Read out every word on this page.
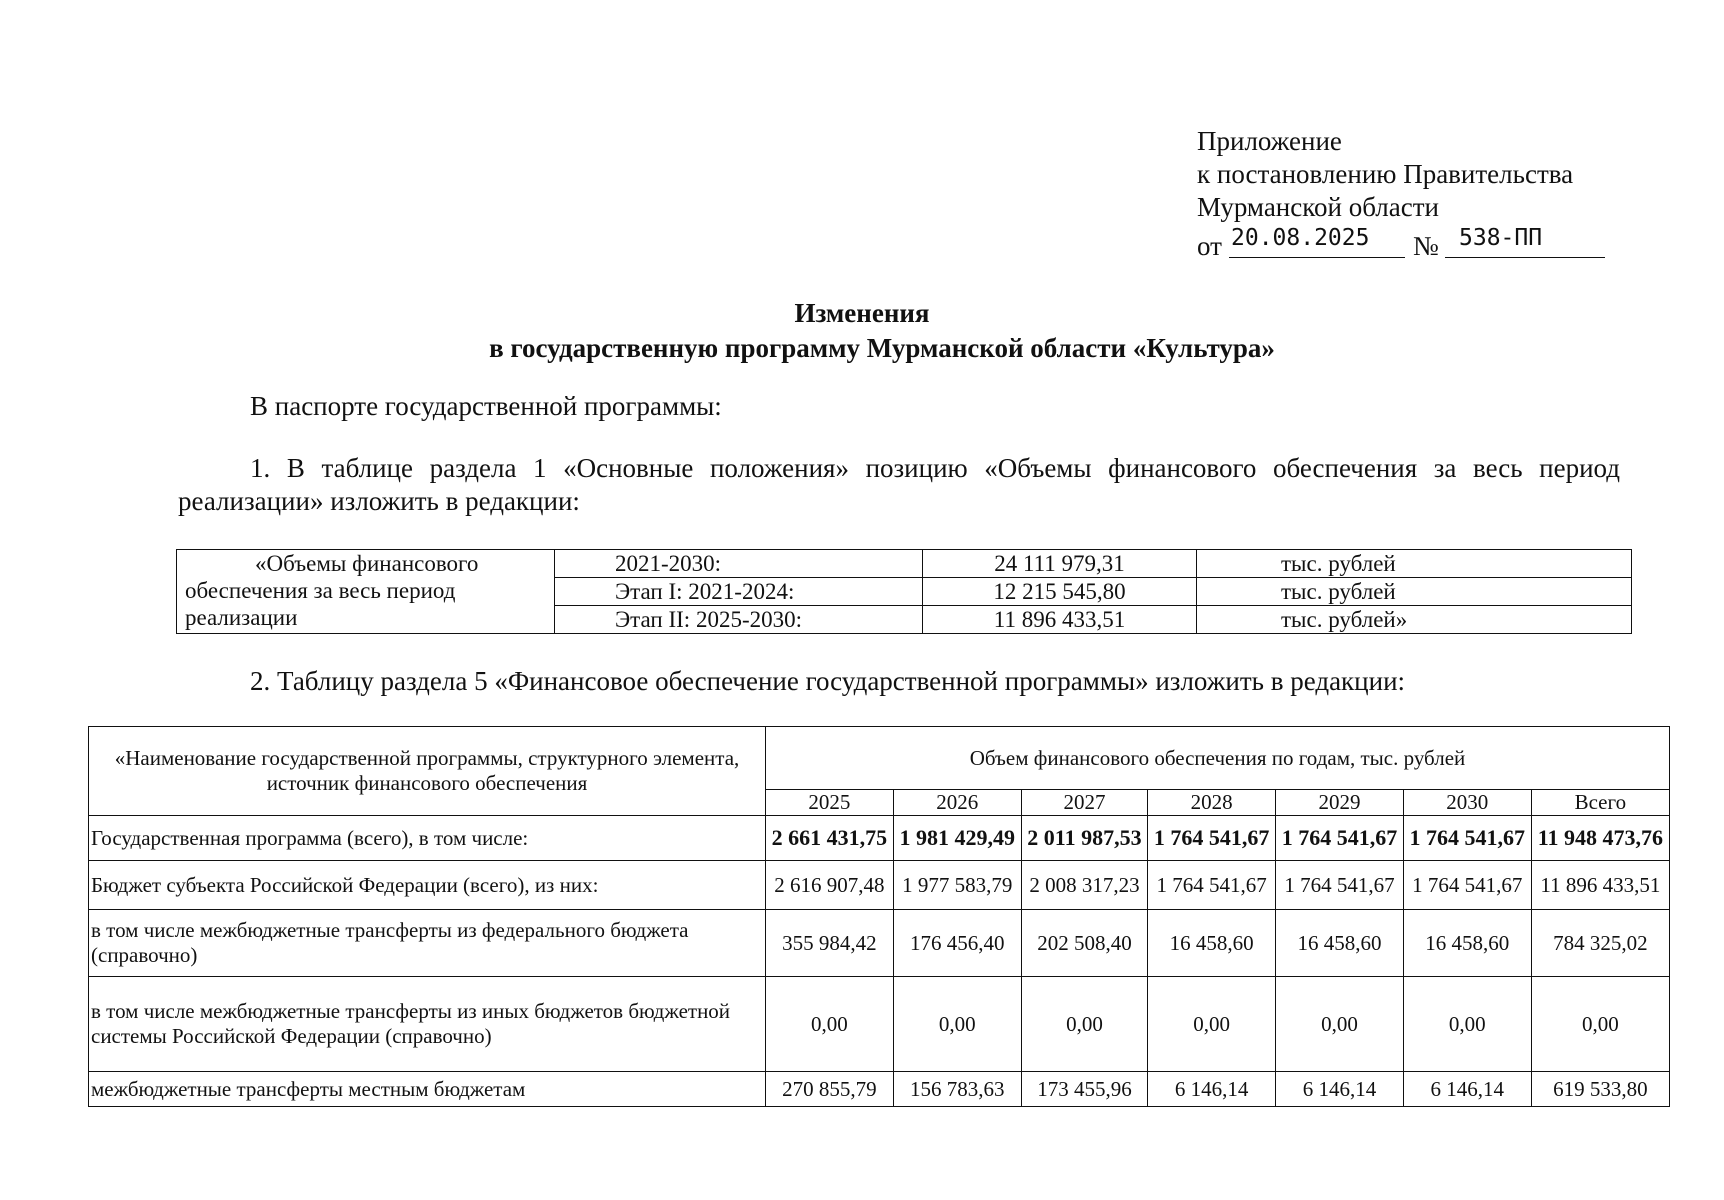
Приложение
к постановлению Правительства
Мурманской области
от 20.08.2025 № 538-ПП
Изменения
в государственную программу Мурманской области «Культура»
В паспорте государственной программы:
1. В таблице раздела 1 «Основные положения» позицию «Объемы финансового обеспечения за весь период реализации» изложить в редакции:
«Объемы финансового обеспечения за весь период реализации	2021-2030:	24 111 979,31	тыс. рублей
	Этап I: 2021-2024:	12 215 545,80	тыс. рублей
	Этап II: 2025-2030:	11 896 433,51	тыс. рублей»
2. Таблицу раздела 5 «Финансовое обеспечение государственной программы» изложить в редакции:
«Наименование государственной программы, структурного элемента, источник финансового обеспечения	Объем финансового обеспечения по годам, тыс. рублей						
	2025	2026	2027	2028	2029	2030	Всего
Государственная программа (всего), в том числе:	2 661 431,75	1 981 429,49	2 011 987,53	1 764 541,67	1 764 541,67	1 764 541,67	11 948 473,76
Бюджет субъекта Российской Федерации (всего), из них:	2 616 907,48	1 977 583,79	2 008 317,23	1 764 541,67	1 764 541,67	1 764 541,67	11 896 433,51
в том числе межбюджетные трансферты из федерального бюджета (справочно)	355 984,42	176 456,40	202 508,40	16 458,60	16 458,60	16 458,60	784 325,02
в том числе межбюджетные трансферты из иных бюджетов бюджетной системы Российской Федерации (справочно)	0,00	0,00	0,00	0,00	0,00	0,00	0,00
межбюджетные трансферты местным бюджетам	270 855,79	156 783,63	173 455,96	6 146,14	6 146,14	6 146,14	619 533,80
